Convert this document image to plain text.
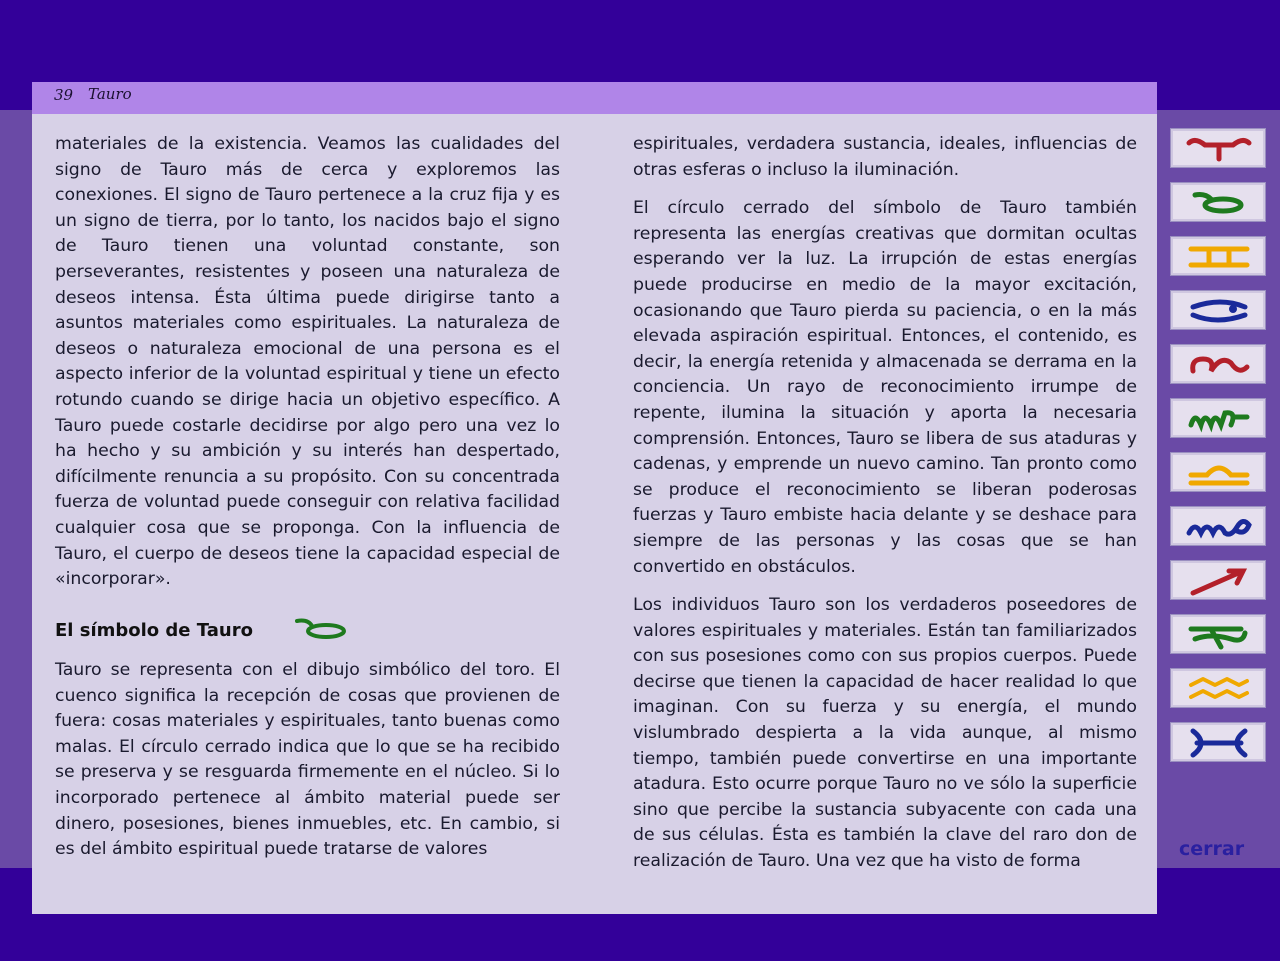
39 Tauro

materiales de la existencia. Veamos las cualidades del signo de Tauro más de cerca y exploremos las conexiones. El signo de Tauro pertenece a la cruz fija y es un signo de tierra, por lo tanto, los nacidos bajo el signo de Tauro tienen una voluntad constante, son perseverantes, resistentes y poseen una naturaleza de deseos intensa. Ésta última puede dirigirse tanto a asuntos materiales como espirituales. La naturaleza de deseos o naturaleza emocional de una persona es el aspecto inferior de la voluntad espiritual y tiene un efecto rotundo cuando se dirige hacia un objetivo específico. A Tauro puede costarle decidirse por algo pero una vez lo ha hecho y su ambición y su interés han despertado, difícilmente renuncia a su propósito. Con su concentrada fuerza de voluntad puede conseguir con relativa facilidad cualquier cosa que se proponga. Con la influencia de Tauro, el cuerpo de deseos tiene la capacidad especial de «incorporar».

El símbolo de Tauro

Tauro se representa con el dibujo simbólico del toro. El cuenco significa la recepción de cosas que provienen de fuera: cosas materiales y espirituales, tanto buenas como malas. El círculo cerrado indica que lo que se ha recibido se preserva y se resguarda firmemente en el núcleo. Si lo incorporado pertenece al ámbito material puede ser dinero, posesiones, bienes inmuebles, etc. En cambio, si es del ámbito espiritual puede tratarse de valores

espirituales, verdadera sustancia, ideales, influencias de otras esferas o incluso la iluminación.

El círculo cerrado del símbolo de Tauro también representa las energías creativas que dormitan ocultas esperando ver la luz. La irrupción de estas energías puede producirse en medio de la mayor excitación, ocasionando que Tauro pierda su paciencia, o en la más elevada aspiración espiritual. Entonces, el contenido, es decir, la energía retenida y almacenada se derrama en la conciencia. Un rayo de reconocimiento irrumpe de repente, ilumina la situación y aporta la necesaria comprensión. Entonces, Tauro se libera de sus ataduras y cadenas, y emprende un nuevo camino. Tan pronto como se produce el reconocimiento se liberan poderosas fuerzas y Tauro embiste hacia delante y se deshace para siempre de las personas y las cosas que se han convertido en obstáculos.

Los individuos Tauro son los verdaderos poseedores de valores espirituales y materiales. Están tan familiarizados con sus posesiones como con sus propios cuerpos. Puede decirse que tienen la capacidad de hacer realidad lo que imaginan. Con su fuerza y su energía, el mundo vislumbrado despierta a la vida aunque, al mismo tiempo, también puede convertirse en una importante atadura. Esto ocurre porque Tauro no ve sólo la superficie sino que percibe la sustancia subyacente con cada una de sus células. Ésta es también la clave del raro don de realización de Tauro. Una vez que ha visto de forma

cerrar
